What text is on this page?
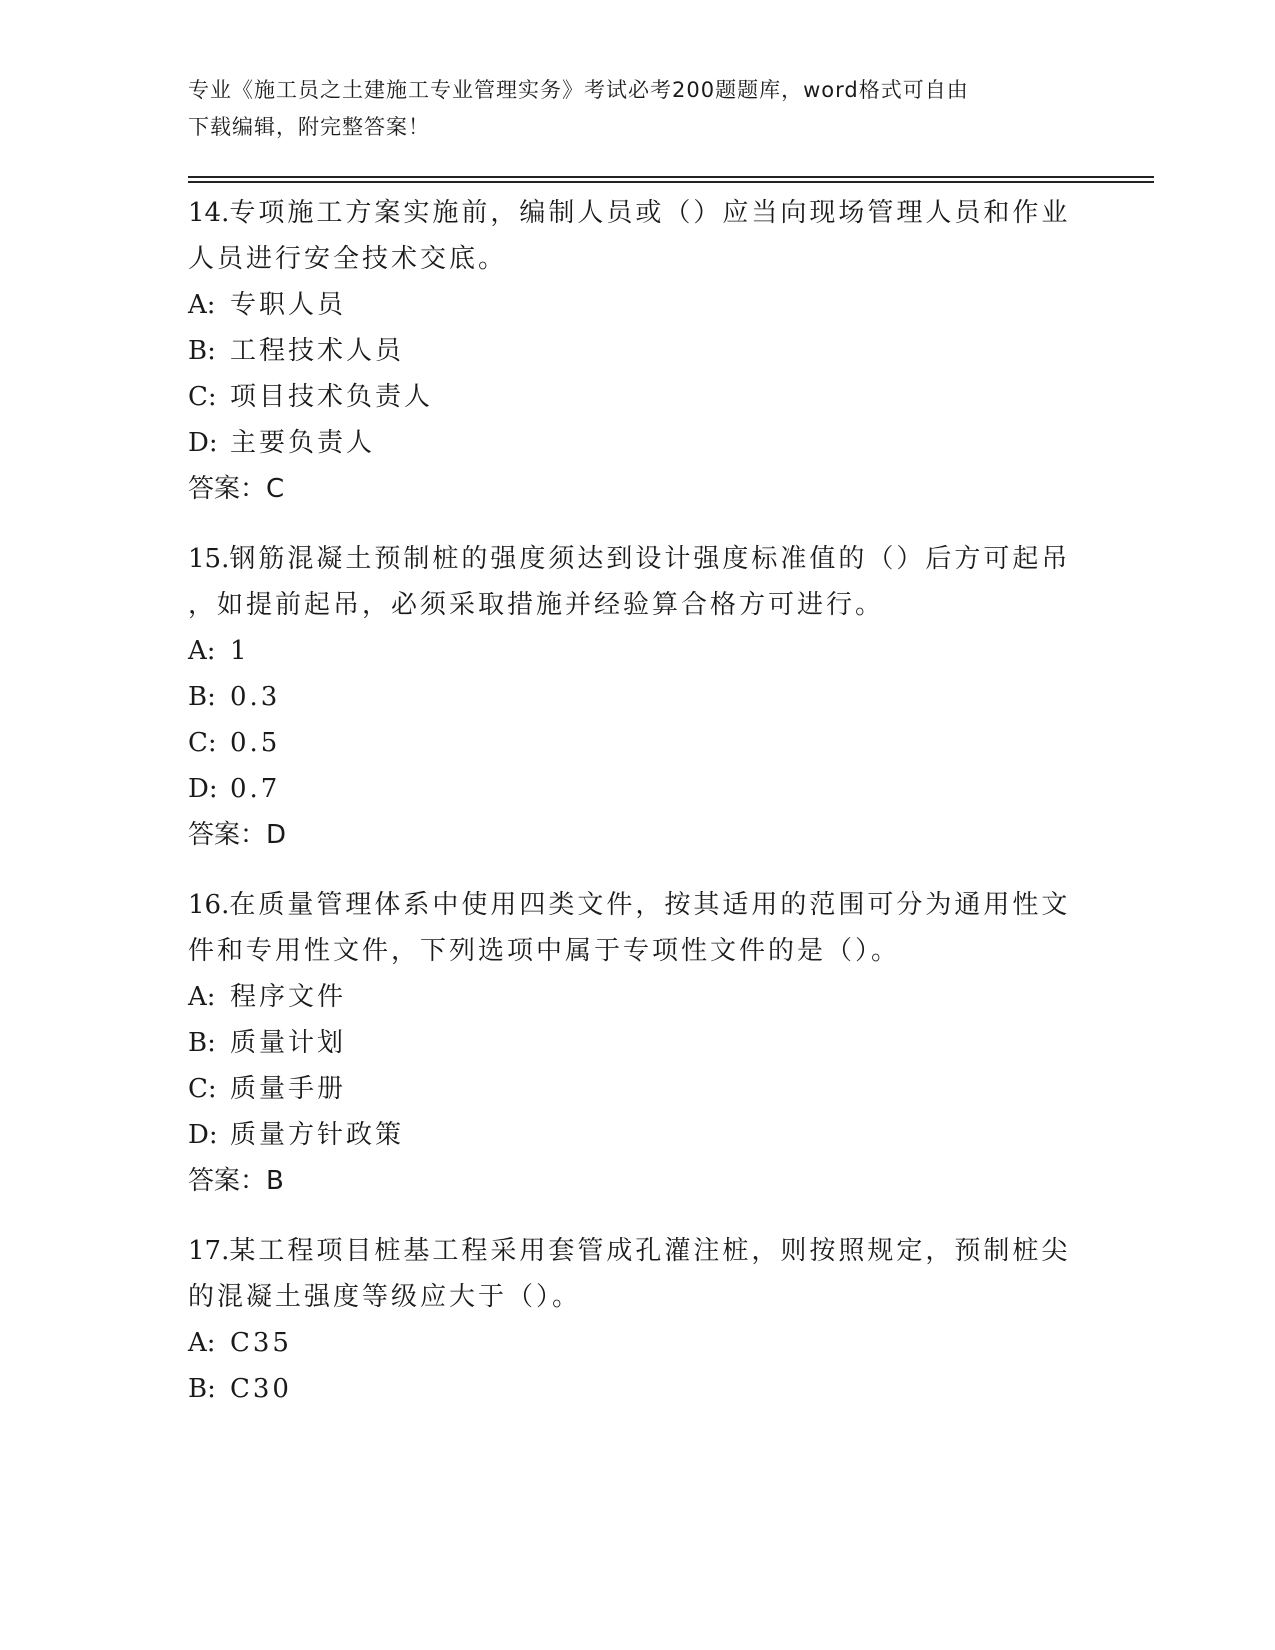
专业《施工员之土建施工专业管理实务》考试必考200题题库，word格式可自由
下载编辑，附完整答案！

14.专项施工方案实施前，编制人员或（）应当向现场管理人员和作业

人员进行安全技术交底。

A: 专职人员

B: 工程技术人员

C: 项目技术负责人

D: 主要负责人

答案：C

15.钢筋混凝土预制桩的强度须达到设计强度标准值的（）后方可起吊

，如提前起吊，必须采取措施并经验算合格方可进行。

A: 1

B: 0.3

C: 0.5

D: 0.7

答案：D

16.在质量管理体系中使用四类文件，按其适用的范围可分为通用性文

件和专用性文件，下列选项中属于专项性文件的是（）。

A: 程序文件

B: 质量计划

C: 质量手册

D: 质量方针政策

答案：B

17.某工程项目桩基工程采用套管成孔灌注桩，则按照规定，预制桩尖

的混凝土强度等级应大于（）。

A: C35

B: C30
